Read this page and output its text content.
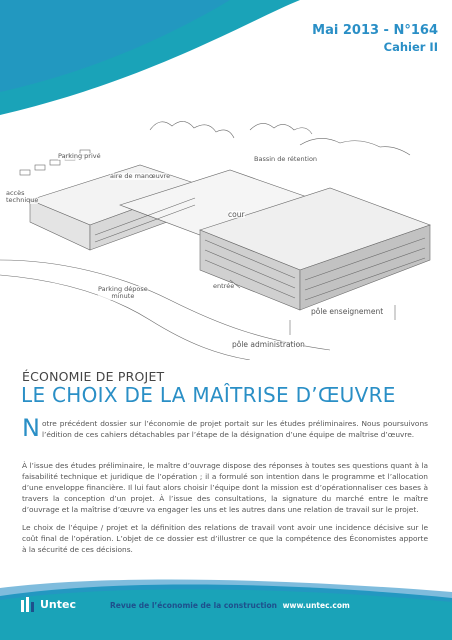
Mai 2013 - N°164
Cahier II
Parking privé
aire de manœuvre
accès
technique
Bassin de rétention
cour
entrée
Parking dépose
minute
pôle enseignement
pôle administration
ÉCONOMIE DE PROJET
LE CHOIX DE LA MAÎTRISE D’ŒUVRE
N otre précédent dossier sur l’économie de projet portait sur les études préliminaires. Nous poursuivons l’édition de ces cahiers détachables par l’étape de la désignation d’une équipe de maîtrise d’œuvre.
À l’issue des études préliminaire, le maître d’ouvrage dispose des réponses à toutes ses questions quant à la faisabilité technique et juridique de l’opération ; il a formulé son intention dans le programme et l’allocation d’une enveloppe financière. Il lui faut alors choisir l’équipe dont la mission est d’opérationnaliser ces bases à travers la conception d’un projet. À l’issue des consultations, la signature du marché entre le maître d’ouvrage et la maîtrise d’œuvre va engager les uns et les autres dans une relation de travail sur le projet.
Le choix de l’équipe / projet et la définition des relations de travail vont avoir une incidence décisive sur le coût final de l’opération. L’objet de ce dossier est d’illustrer ce que la compétence des Économistes apporte à la sécurité de ces décisions.
Untec	Revue de l’économie de la construction www.untec.com
